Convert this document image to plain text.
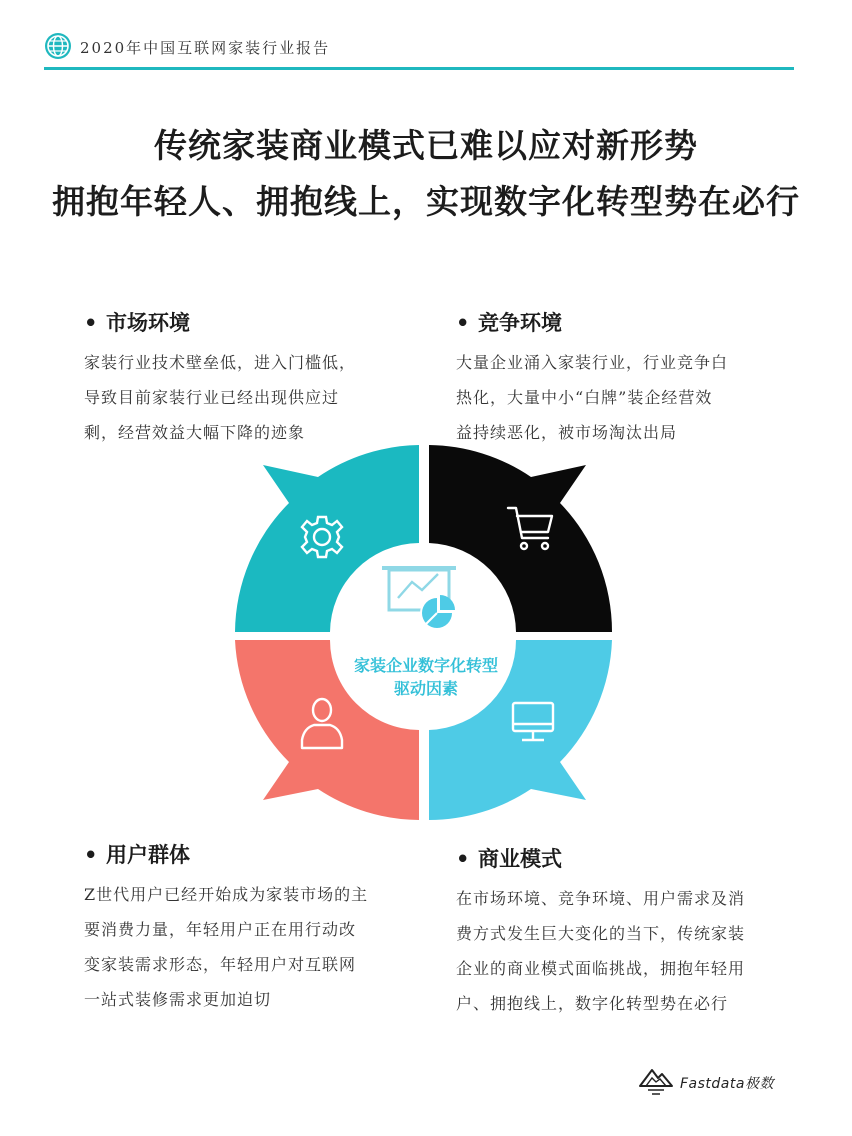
2020年中国互联网家装行业报告
传统家装商业模式已难以应对新形势
拥抱年轻人、拥抱线上，实现数字化转型势在必行
• 市场环境
家装行业技术壁垒低，进入门槛低，
导致目前家装行业已经出现供应过
剩，经营效益大幅下降的迹象
• 竞争环境
大量企业涌入家装行业，行业竞争白
热化，大量中小“白牌”装企经营效
益持续恶化，被市场淘汰出局
• 用户群体
Z世代用户已经开始成为家装市场的主
要消费力量，年轻用户正在用行动改
变家装需求形态，年轻用户对互联网
一站式装修需求更加迫切
• 商业模式
在市场环境、竞争环境、用户需求及消
费方式发生巨大变化的当下，传统家装
企业的商业模式面临挑战，拥抱年轻用
户、拥抱线上，数字化转型势在必行
家装企业数字化转型
驱动因素
Fastdata极数
